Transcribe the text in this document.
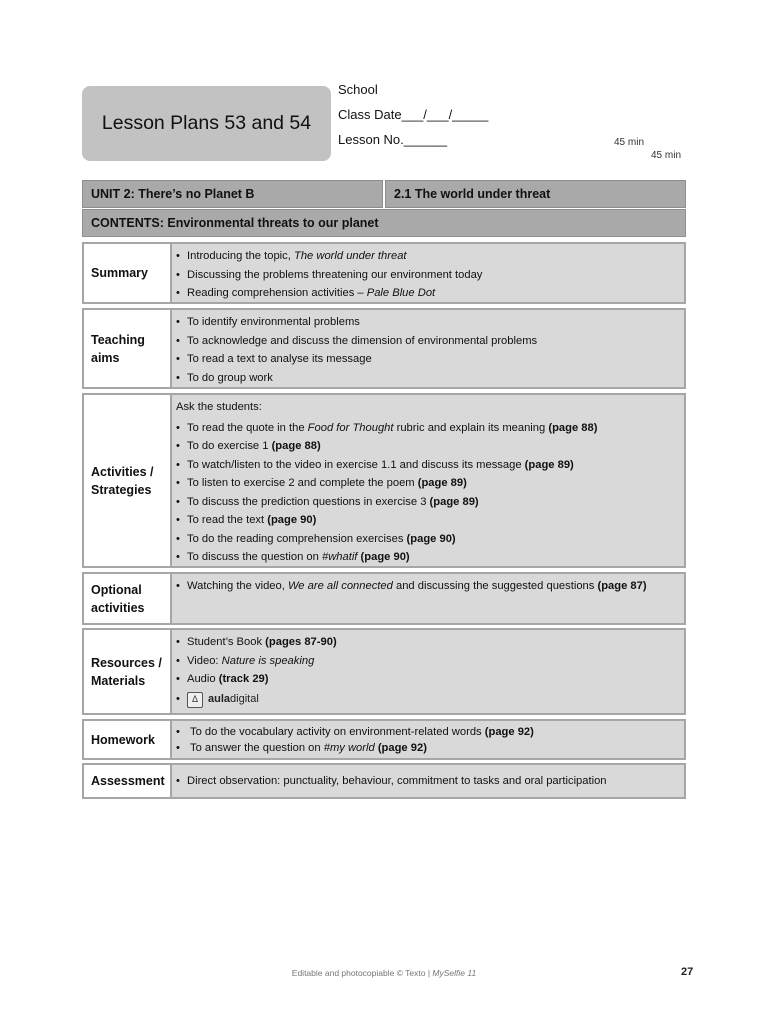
Lesson Plans 53 and 54
School
Class Date___/___/_____
Lesson No.______	45 min
45 min
UNIT 2: There’s no Planet B	2.1 The world under threat
CONTENTS: Environmental threats to our planet
Summary
• Introducing the topic, The world under threat
• Discussing the problems threatening our environment today
• Reading comprehension activities – Pale Blue Dot
Teaching
aims
• To identify environmental problems
• To acknowledge and discuss the dimension of environmental problems
• To read a text to analyse its message
• To do group work
Activities /
Strategies
Ask the students:
• To read the quote in the Food for Thought rubric and explain its meaning (page 88)
• To do exercise 1 (page 88)
• To watch/listen to the video in exercise 1.1 and discuss its message (page 89)
• To listen to exercise 2 and complete the poem (page 89)
• To discuss the prediction questions in exercise 3 (page 89)
• To read the text (page 90)
• To do the reading comprehension exercises (page 90)
• To discuss the question on #whatif (page 90)
Optional
activities
• Watching the video, We are all connected and discussing the suggested questions (page 87)
Resources /
Materials
• Student’s Book (pages 87-90)
• Video: Nature is speaking
• Audio (track 29)
• Δ auladigital
Homework
• To do the vocabulary activity on environment-related words (page 92)
• To answer the question on #my world (page 92)
Assessment
•	Direct observation: punctuality, behaviour, commitment to tasks and oral participation
Editable and photocopiable © Texto | MySelfie 11	27
